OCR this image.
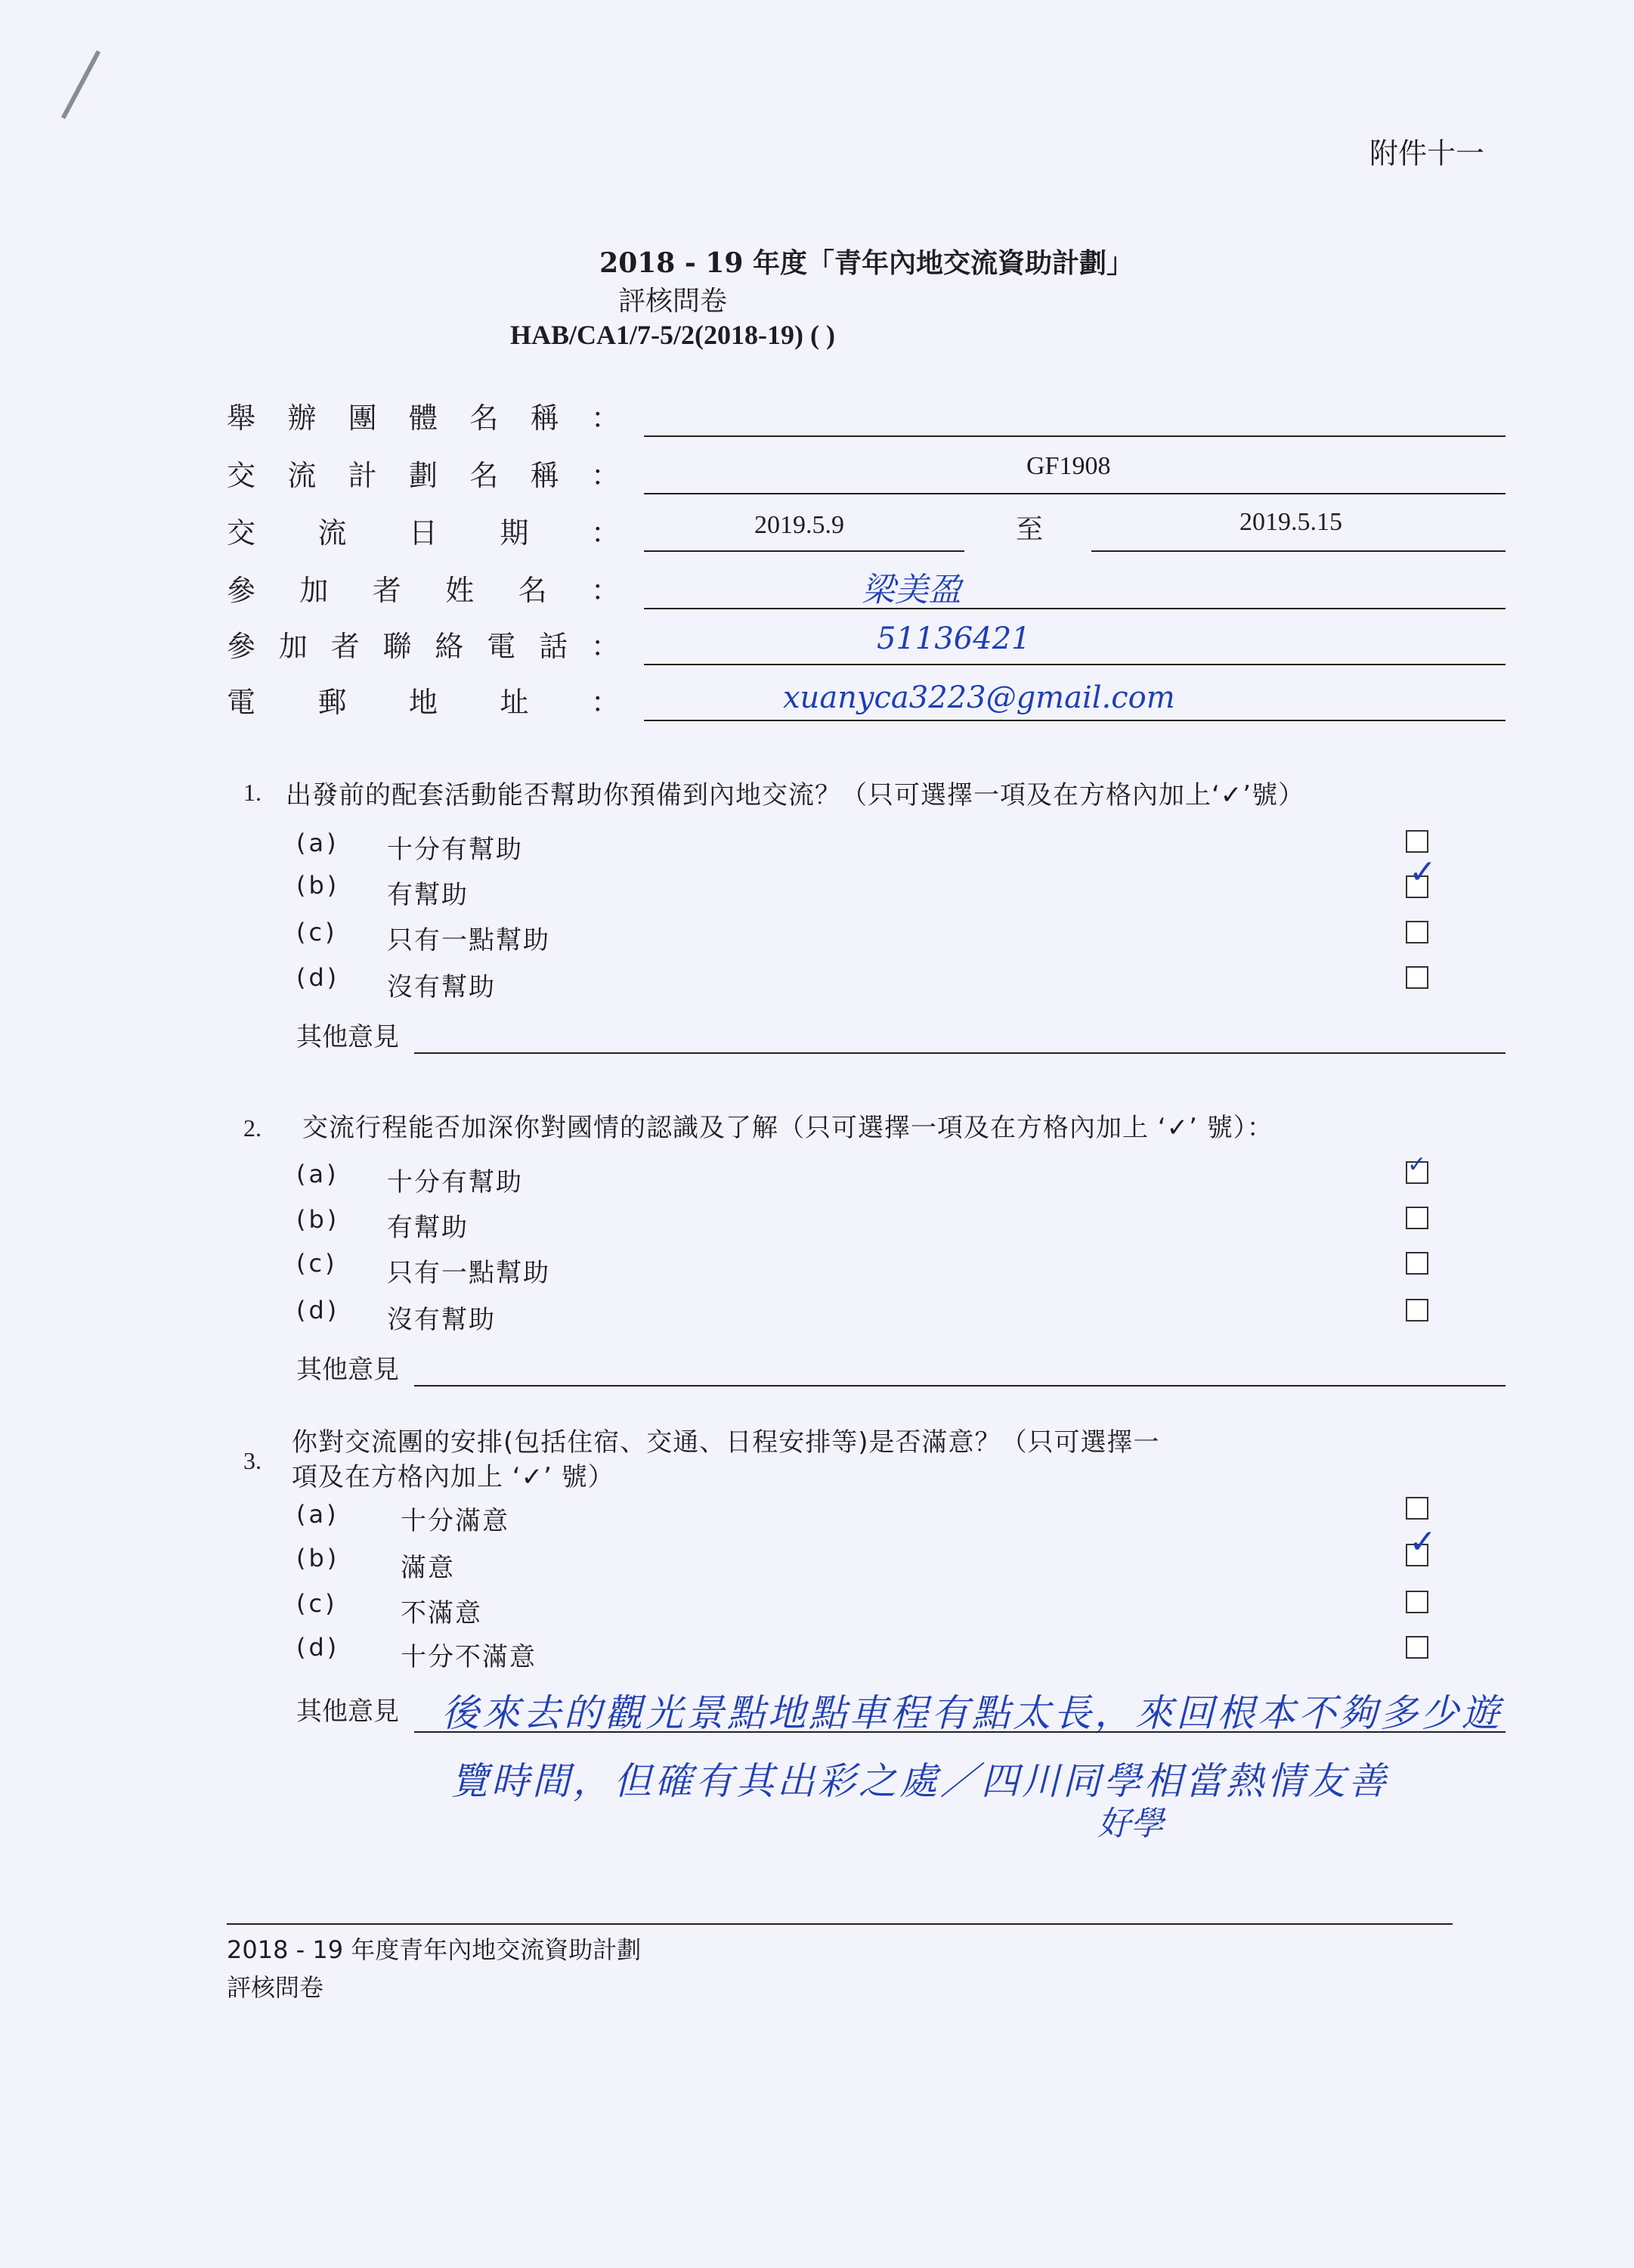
附件十一
2018 - 19 年度「青年內地交流資助計劃」
評核問卷
HAB/CA1/7-5/2(2018-19) ( )
舉 辦 團 體 名 稱 ：
交 流 計 劃 名 稱 ：	GF1908
交 流 日 期 ：	2019.5.9	至	2019.5.15
參 加 者 姓 名 ：	梁美盈
參 加 者 聯 絡 電 話 ：	51136421
電 郵 地 址 ：	xuanyca3223@gmail.com
1. 出發前的配套活動能否幫助你預備到內地交流？（只可選擇一項及在方格內加上‘✓’號）
(a) 十分有幫助
(b) 有幫助
✓
(c) 只有一點幫助
(d) 沒有幫助
其他意見
2. 交流行程能否加深你對國情的認識及了解（只可選擇一項及在方格內加上 ‘✓’ 號）：
(a) 十分有幫助
✓
(b) 有幫助
(c) 只有一點幫助
(d) 沒有幫助
其他意見
3.
你對交流團的安排(包括住宿、交通、日程安排等)是否滿意？（只可選擇一
項及在方格內加上 ‘✓’ 號）
(a) 十分滿意
(b) 滿意
✓
(c) 不滿意
(d) 十分不滿意
其他意見 後來去的觀光景點地點車程有點太長，來回根本不夠多少遊
覽時間，但確有其出彩之處／四川同學相當熱情友善
好學
2018 - 19 年度青年內地交流資助計劃
評核問卷
